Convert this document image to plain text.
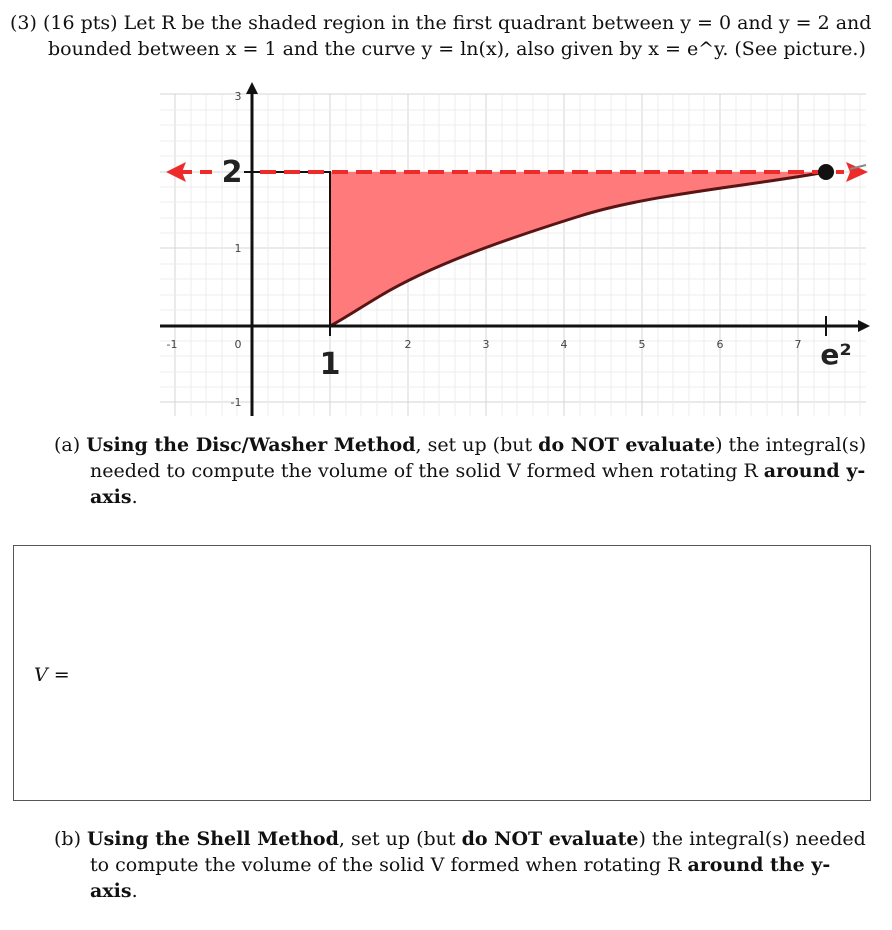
(3) (16 pts) Let R be the shaded region in the first quadrant between y = 0 and y = 2 and
bounded between x = 1 and the curve y = ln(x), also given by x = e^y. (See picture.)
-1	0	2	3	4	5	6	7
3
1
-1
2
1	e²
(a) Using the Disc/Washer Method, set up (but do NOT evaluate) the integral(s)
needed to compute the volume of the solid V formed when rotating R around y-axis.
V =
(b) Using the Shell Method, set up (but do NOT evaluate) the integral(s) needed
to compute the volume of the solid V formed when rotating R around the y-axis.
